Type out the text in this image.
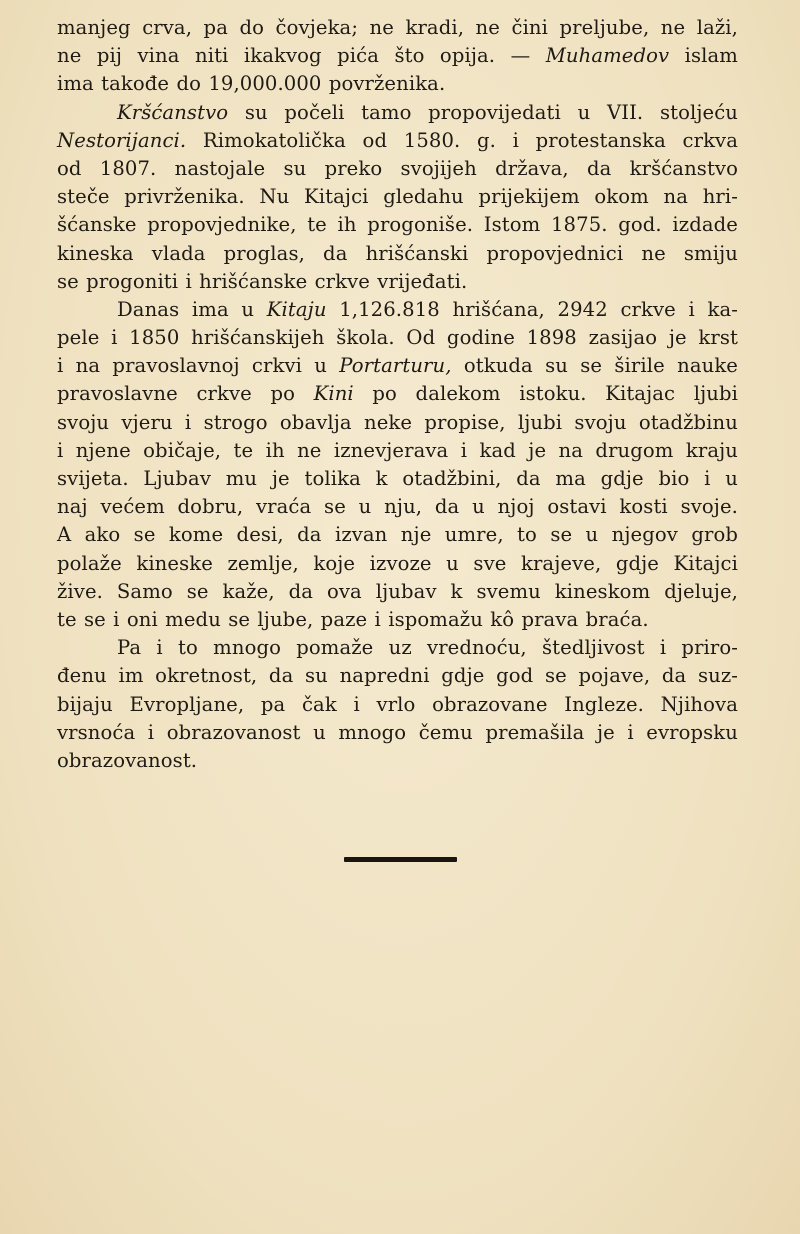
manjeg crva, pa do čovjeka; ne kradi, ne čini preljube, ne laži,
ne pij vina niti ikakvog pića što opija. — Muhamedov islam
ima takođe do 19,000.000 povrženika.

Kršćanstvo su počeli tamo propovijedati u VII. stoljeću
Nestorijanci. Rimokatolička od 1580. g. i protestanska crkva
od 1807. nastojale su preko svojijeh država, da kršćanstvo
steče privrženika. Nu Kitajci gledahu prijekijem okom na hri-
šćanske propovjednike, te ih progoniše. Istom 1875. god. izdade
kineska vlada proglas, da hrišćanski propovjednici ne smiju
se progoniti i hrišćanske crkve vrijeđati.

Danas ima u Kitaju 1,126.818 hrišćana, 2942 crkve i ka-
pele i 1850 hrišćanskijeh škola. Od godine 1898 zasijao je krst
i na pravoslavnoj crkvi u Portarturu, otkuda su se širile nauke
pravoslavne crkve po Kini po dalekom istoku. Kitajac ljubi
svoju vjeru i strogo obavlja neke propise, ljubi svoju otadžbinu
i njene običaje, te ih ne iznevjerava i kad je na drugom kraju
svijeta. Ljubav mu je tolika k otadžbini, da ma gdje bio i u
naj većem dobru, vraća se u nju, da u njoj ostavi kosti svoje.
A ako se kome desi, da izvan nje umre, to se u njegov grob
polaže kineske zemlje, koje izvoze u sve krajeve, gdje Kitajci
žive. Samo se kaže, da ova ljubav k svemu kineskom djeluje,
te se i oni medu se ljube, paze i ispomažu kô prava braća.

Pa i to mnogo pomaže uz vrednoću, štedljivost i priro-
đenu im okretnost, da su napredni gdje god se pojave, da suz-
bijaju Evropljane, pa čak i vrlo obrazovane Ingleze. Njihova
vrsnoća i obrazovanost u mnogo čemu premašila je i evropsku
obrazovanost.
